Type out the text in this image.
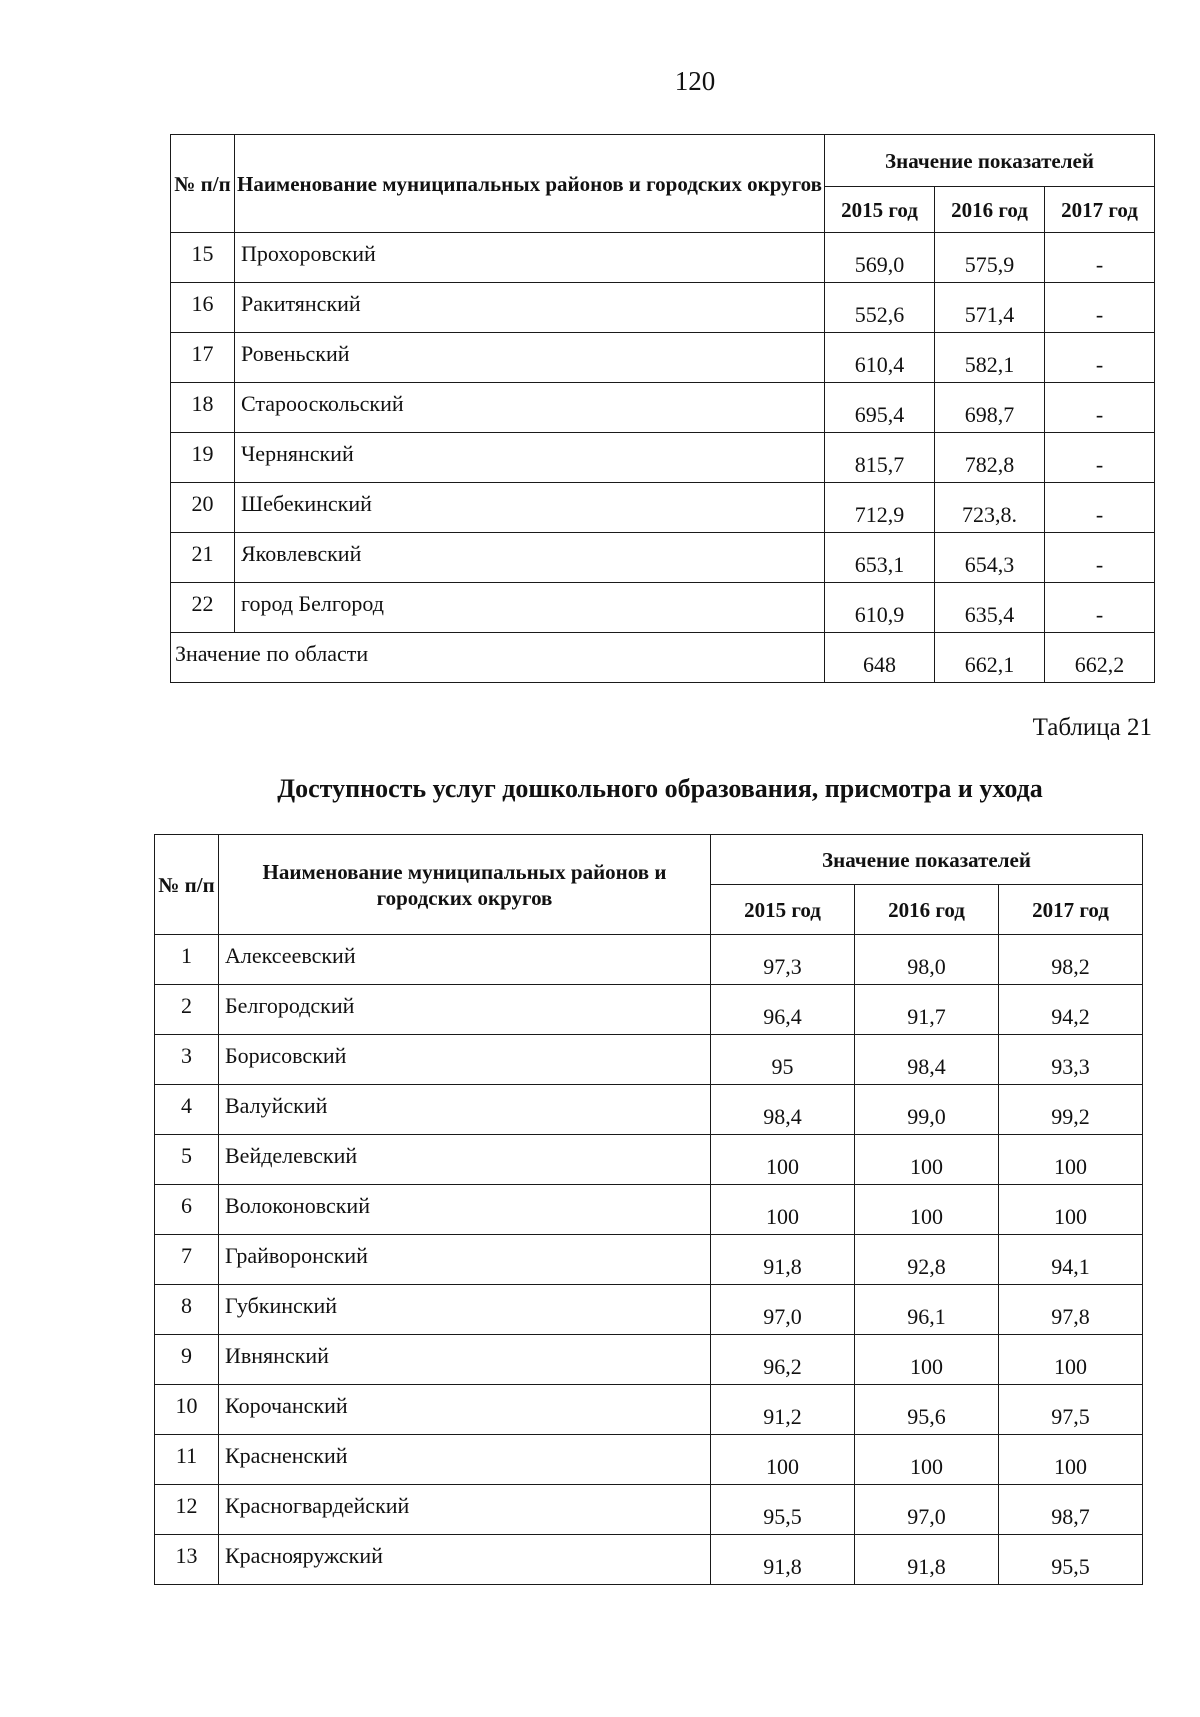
120
№ п/п	Наименование муниципальных районов и городских округов	Значение показателей		
		2015 год	2016 год	2017 год
15	Прохоровский	569,0	575,9	-
16	Ракитянский	552,6	571,4	-
17	Ровеньский	610,4	582,1	-
18	Старооскольский	695,4	698,7	-
19	Чернянский	815,7	782,8	-
20	Шебекинский	712,9	723,8.	-
21	Яковлевский	653,1	654,3	-
22	город Белгород	610,9	635,4	-
Значение по области		648	662,1	662,2
Таблица 21
Доступность услуг дошкольного образования, присмотра и ухода
№ п/п	Наименование муниципальных районов и городских округов	Значение показателей		
		2015 год	2016 год	2017 год
1	Алексеевский	97,3	98,0	98,2
2	Белгородский	96,4	91,7	94,2
3	Борисовский	95	98,4	93,3
4	Валуйский	98,4	99,0	99,2
5	Вейделевский	100	100	100
6	Волоконовский	100	100	100
7	Грайворонский	91,8	92,8	94,1
8	Губкинский	97,0	96,1	97,8
9	Ивнянский	96,2	100	100
10	Корочанский	91,2	95,6	97,5
11	Красненский	100	100	100
12	Красногвардейский	95,5	97,0	98,7
13	Краснояружский	91,8	91,8	95,5
